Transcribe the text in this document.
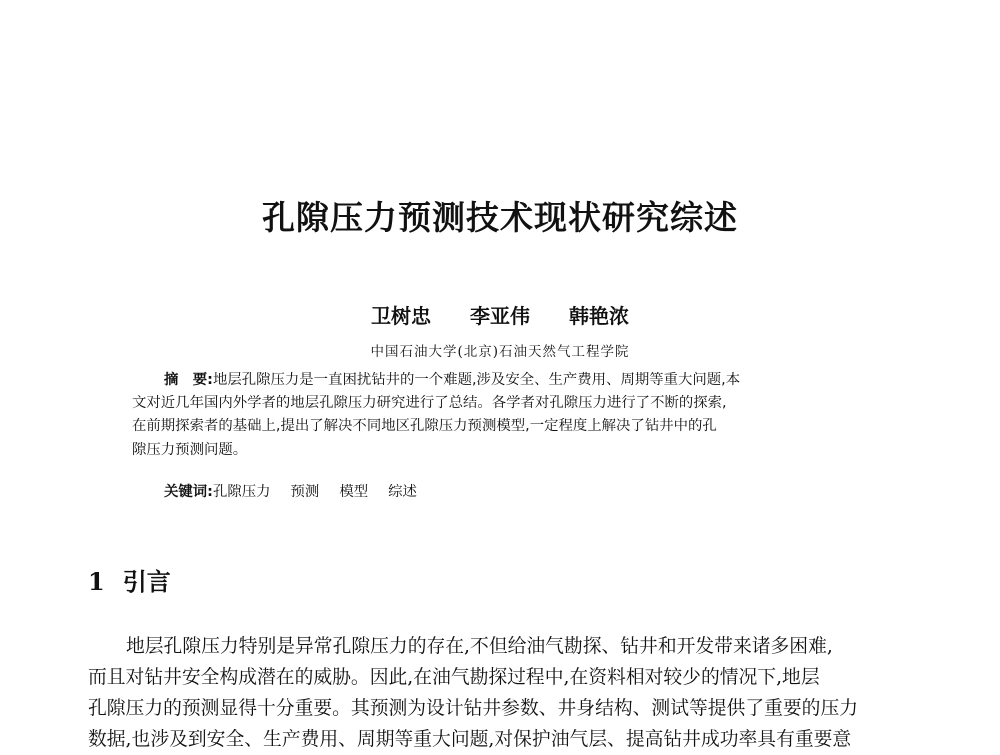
孔隙压力预测技术现状研究综述
卫树忠 李亚伟 韩艳浓
中国石油大学(北京)石油天然气工程学院
摘　要:地层孔隙压力是一直困扰钻井的一个难题,涉及安全、生产费用、周期等重大问题,本
文对近几年国内外学者的地层孔隙压力研究进行了总结。各学者对孔隙压力进行了不断的探索,
在前期探索者的基础上,提出了解决不同地区孔隙压力预测模型,一定程度上解决了钻井中的孔
隙压力预测问题。
关键词:孔隙压力 预测 模型 综述
1 引言
地层孔隙压力特别是异常孔隙压力的存在,不但给油气勘探、钻井和开发带来诸多困难,
而且对钻井安全构成潜在的威胁。因此,在油气勘探过程中,在资料相对较少的情况下,地层
孔隙压力的预测显得十分重要。其预测为设计钻井参数、井身结构、测试等提供了重要的压力
数据,也涉及到安全、生产费用、周期等重大问题,对保护油气层、提高钻井成功率具有重要意
